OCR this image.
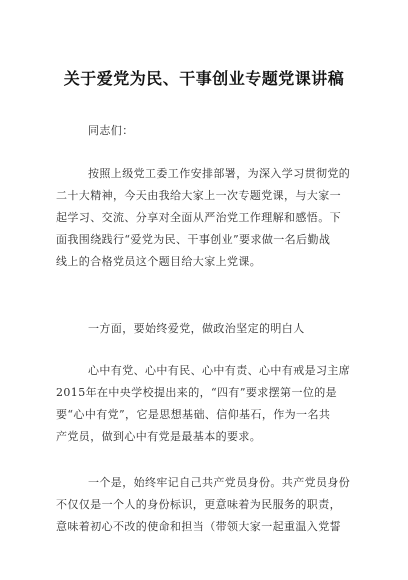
关于爱党为民、干事创业专题党课讲稿
同志们：
按照上级党工委工作安排部署，为深入学习贯彻党的
二十大精神，今天由我给大家上一次专题党课，与大家一
起学习、交流、分享对全面从严治党工作理解和感悟。下
面我围绕践行“爱党为民、干事创业”要求做一名后勤战
线上的合格党员这个题目给大家上党课。
一方面，要始终爱党，做政治坚定的明白人
心中有党、心中有民、心中有责、心中有戒是习主席
2015年在中央学校提出来的，“四有”要求摆第一位的是
要“心中有党”，它是思想基础、信仰基石，作为一名共
产党员，做到心中有党是最基本的要求。
一个是，始终牢记自己共产党员身份。共产党员身份
不仅仅是一个人的身份标识，更意味着为民服务的职责，
意味着初心不改的使命和担当（带领大家一起重温入党誓
